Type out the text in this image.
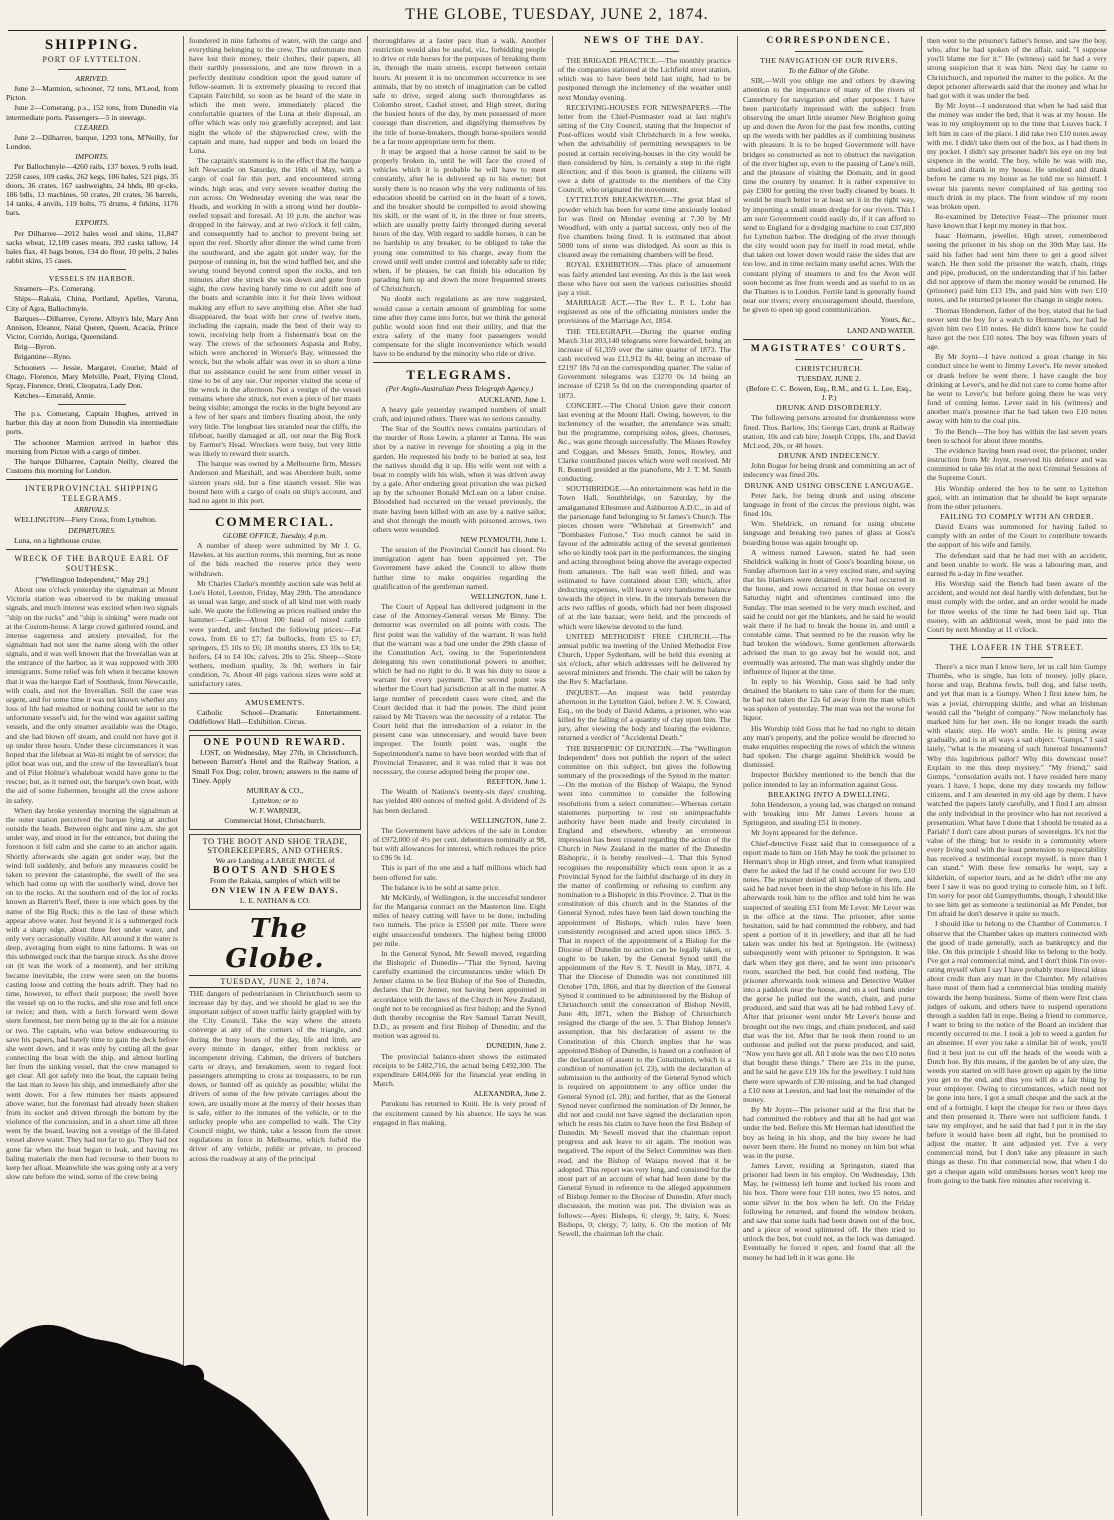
THE GLOBE, TUESDAY, JUNE 2, 1874.

SHIPPING.

PORT OF LYTTELTON.

ARRIVED.

June 2—Marmion, schooner, 72 tons, M'Leod, from Picton.

June 2—Comerang, p.s., 152 tons, from Dunedin via intermediate ports. Passengers—5 in steerage.

CLEARED.

June 2—Dilharree, barque, 1293 tons, M'Neilly, for London.

IMPORTS.

Per Ballochmyle—4260 rails, 137 boxes, 9 rolls lead, 2258 cases, 109 casks, 262 kegs, 106 bales, 521 pigs, 35 doors, 36 crates, 167 sashweights, 24 hhds, 80 qr-cks, 186 bdls, 13 machines, 50 crates, 20 crates, 56 barrels, 14 tanks, 4 anvils, 119 bolts, 75 drums, 4 firkins, 1176 bars.

EXPORTS.

Per Dilharree—2012 bales wool and skins, 11,847 sacks wheat, 12,109 cases meats, 392 casks tallow, 14 bales flax, 41 bags bones, 134 do flour, 10 pelts, 2 bales rabbit skins, 15 cases.

VESSELS IN HARBOR.

Steamers—P.s. Comerang.

Ships—Rakaia, China, Portland, Apelles, Varuna, City of Agra, Ballochmyle.

Barques—Dilharree, Cyrene, Albyn's Isle, Mary Ann Annison, Eleanor, Natal Queen, Queen, Acacia, Prince Victor, Corrido, Auriga, Queensland.

Brig—Byron.

Brigantine—Ryno.

Schooners — Jessie, Margaret, Courier, Maid of Otago, Florence, Mary Melville, Pearl, Flying Cloud, Spray, Florence, Oreti, Cleopatra, Lady Don.

Ketches—Emerald, Annie.

The p.s. Comerang, Captain Hughes, arrived in harbor this day at noon from Dunedin via intermediate ports.

The schooner Marmion arrived in harbor this morning from Picton with a cargo of timber.

The barque Dilharree, Captain Neilly, cleared the Customs this morning for London.

INTERPROVINCIAL SHIPPING TELEGRAMS.

ARRIVALS.

WELLINGTON—Fiery Cross, from Lyttelton.

DEPARTURES.

Luna, on a lighthouse cruise.

WRECK OF THE BARQUE EARL OF SOUTHESK.

["Wellington Independent," May 29.]

About one o'clock yesterday the signalman at Mount Victoria station was observed to be making unusual signals, and much interest was excited when two signals "ship on the rocks" and "ship is sinking" were made out at the Custom-house. A large crowd gathered round, and intense eagerness and anxiety prevailed, for the signalman had not sent the name along with the other signals, and it was well known that the Inverallan was at the entrance of the harbor, as it was supposed with 300 immigrants. Some relief was felt when it became known that it was the barque Earl of Southesk, from Newcastle, with coals, and not the Inverallan. Still the case was urgent, and for some time it was not known whether any loss of life had resulted or nothing could be sent to the unfortunate vessel's aid, for the wind was against sailing vessels, and the only steamer available was the Otago, and she had blown off steam, and could not have got it up under three hours. Under these circumstances it was hoped that the lifeboat at Wai-iti might be of service; the pilot boat was out, and the crew of the Inverallan's boat and of Pilot Holme's whaleboat would have gone to the rescue; but, as it turned out, the barque's own boat, with the aid of some fishermen, brought all the crew ashore in safety.

When day broke yesterday morning the signalman at the outer station perceived the barque lying at anchor outside the heads. Between eight and nine a.m. she got under way, and stood in for the entrance, but during the forenoon it fell calm and she came to an anchor again. Shortly afterwards she again got under way, but the wind fell suddenly, and before any measures could be taken to prevent the catastrophe, the swell of the sea which had come up with the southerly wind, drove her on to the rocks. At the southern end of the lot of rocks known as Barrett's Reef, there is one which goes by the name of the Big Rock; this is the last of these which appear above water. Just beyond it is a submerged rock with a sharp edge, about three feet under water, and only very occasionally visible. All around it the water is deep, averaging from eight to nine fathoms. It was on this submerged rock that the barque struck. As she drove on (it was the work of a moment), and her striking became inevitable, the crew were seen on the booms casting loose and cutting the boats adrift. They had no time, however, to effect their purpose; the swell hove the vessel up on to the rocks, and she rose and fell once or twice; and then, with a lurch forward went down stern foremost, her stern being up in the air for a minute or two. The captain, who was below endeavouring to save his papers, had barely time to gain the deck before she went down, and it was only by cutting all the gear connecting the boat with the ship, and almost hurling her from the sinking vessel, that the crew managed to get clear. All got safely into the boat, the captain being the last man to leave his ship, and immediately after she went down. For a few minutes her masts appeared above water, but the foremast had already been shaken from its socket and driven through the bottom by the violence of the concussion, and in a short time all three went by the board, leaving not a vestige of the ill-fated vessel above water. They had not far to go. They had not gone far when the boat began to leak, and having no baling materials the men had recourse to their boots to keep her afloat. Meanwhile she was going only at a very slow rate before the wind, some of the crew being

foundered in nine fathoms of water, with the cargo and everything belonging to the crew. The unfortunate men have lost their money, their clothes, their papers, all their earthly possessions, and are now thrown in a perfectly destitute condition upon the good nature of fellow-seamen. It is extremely pleasing to record that Captain Fairchild, so soon as he heard of the state in which the men were, immediately placed the comfortable quarters of the Luna at their disposal, an offer which was only too gratefully accepted; and last night the whole of the shipwrecked crew, with the captain and mate, had supper and beds on board the Luna.

The captain's statement is to the effect that the barque left Newcastle on Saturday, the 16th of May, with a cargo of coal for this port, and encountered strong winds, high seas, and very severe weather during the run across. On Wednesday evening she was near the Heads, and working in with a strong wind her double-reefed topsail and foresail. At 10 p.m. the anchor was dropped in the fairway, and at two o'clock it fell calm, and consequently had to anchor to prevent being set upon the reef. Shortly after dinner the wind came from the southward, and she again got under way, for the purpose of running in, but the wind baffled her, and she swung round beyond control upon the rocks, and ten minutes after she struck she was down and gone from sight, the crew having barely time to cut adrift one of the boats and scramble into it for their lives without making any effort to save anything else. After she had disappeared, the boat with her crew of twelve men, including the captain, made the best of their way to town, receiving help from a fisherman's boat on the way. The crews of the schooners Aspasia and Ruby, which were anchored in Worser's Bay, witnessed the wreck, but the whole affair was over in so short a time that no assistance could be sent from either vessel in time to be of any use. Our reporter visited the scene of the wreck in the afternoon. Not a vestige of the vessel remains where she struck, not even a piece of her masts being visible; amongst the rocks in the bight beyond are a few of her spars and timbers floating about, the only very little. The longboat lies stranded near the cliffs, the lifeboat, hardly damaged at all, out near the Big Rock by Farmer's Head. Wreckers were busy, but very little was likely to reward their search.

The barque was owned by a Melbourne firm, Messrs Anderson and Marshall, and was Aberdeen built, some sixteen years old, but a fine staunch vessel. She was bound here with a cargo of coals on ship's account, and had no agent in this port.

COMMERCIAL.

GLOBE OFFICE, Tuesday, 4 p.m.

A number of sheep were submitted by Mr J. G. Hawkes, at his auction rooms, this morning, but as none of the bids reached the reserve price they were withdrawn.

Mr Charles Clarke's monthly auction sale was held at Loe's Hotel, Leeston, Friday, May 29th. The attendance as usual was large, and stock of all kind met with ready sale. We quote the following as prices realised under the hammer:—Cattle—About 100 head of mixed cattle were yarded, and fetched the following prices:—Fat cows, from £6 to £7; fat bullocks, from £5 to £7; springers, £5 10s to £6; 18 months steers, £3 10s to £4; heifers, £4 to £4 10s; calves, 20s to 25s. Sheep—Store wethers, medium quality, 3s 9d; wethers in fair condition, 7s. About 40 pigs various sizes were sold at satisfactory rates.

AMUSEMENTS.

Catholic School—Dramatic Entertainment. Oddfellows' Hall—Exhibition. Circus.

ONE POUND REWARD.

LOST, on Wednesday, May 27th, in Christchurch, between Barrett's Hotel and the Railway Station, a Small Fox Dog; color, brown; answers to the name of Tiney. Apply

MURRAY & CO.,

Lyttelton; or to

W. F. WARNER,

Commercial Hotel, Christchurch.

TO THE BOOT AND SHOE TRADE, STOREKEEPERS, AND OTHERS.

We are Landing a LARGE PARCEL of

BOOTS AND SHOES

From the Rakaia, samples of which will be

ON VIEW IN A FEW DAYS.

L. E. NATHAN & CO.

The Globe.

TUESDAY, JUNE 2, 1874.

THE dangers of pedestrianism in Christchurch seem to increase day by day, and we should be glad to see the important subject of street traffic fairly grappled with by the City Council. Take the way where the streets converge at any of the corners of the triangle, and during the busy hours of the day, life and limb, are every minute in danger, either from reckless or incompetent driving. Cabmen, the drivers of butchers carts or drays, and breaksmen, seem to regard foot passengers attempting to cross as trespassers, to be run down, or hunted off as quickly as possible; whilst the drivers of some of the few private carriages about the town, are usually more at the mercy of their horses than is safe, either to the inmates of the vehicle, or to the unlucky people who are compelled to walk. The City Council might, we think, take a lesson from the street regulations in force in Melbourne, which forbid the driver of any vehicle, public or private, to proceed across the roadway at any of the principal

thoroughfares at a faster pace than a walk. Another restriction would also be useful, viz., forbidding people to drive or ride horses for the purposes of breaking them in, through the main streets, except between certain hours. At present it is no uncommon occurrence to see animals, that by no stretch of imagination can be called safe to drive, urged along such thoroughfares as Colombo street, Cashel street, and High street, during the busiest hours of the day, by men possessed of more courage than discretion, and dignifying themselves by the title of horse-breakers, though horse-spoilers would be a far more appropriate term for them.

It may be argued that a horse cannot be said to be properly broken in, until he will face the crowd of vehicles which it is probable he will have to meet constantly, after he is delivered up to his owner; but surely there is no reason why the very rudiments of his education should be carried on in the heart of a town, and the breaker should be compelled to avoid showing his skill, or the want of it, in the three or four streets, which are usually pretty fairly thronged during several hours of the day. With regard to saddle horses, it can be no hardship to any breaker, to be obliged to take the young one committed to his charge, away from the crowd until well under control and tolerably safe to ride; when, if he pleases, he can finish his education by parading him up and down the more frequented streets of Christchurch.

No doubt such regulations as are now suggested, would cause a certain amount of grumbling for some time after they came into force, but we think the general public would soon find out their utility, and that the extra safety of the many foot passengers would compensate for the slight inconvenience which would have to be endured by the minority who ride or drive.

TELEGRAMS.

(Per Anglo-Australian Press Telegraph Agency.)

AUCKLAND, June 1.

A heavy gale yesterday swamped numbers of small craft, and injured others. There was no serious casualty.

The Star of the South's news contains particulars of the murder of Ross Lewin, a planter at Tanna. He was shot by a native in revenge for shooting a pig in the garden. He requested his body to be buried at sea, lest the natives should dig it up. His wife went out with a boat to comply with his wish, when it was driven away by a gale. After enduring great privation she was picked up by the schooner Ronald McLean on a labor cruise. Bloodshed had occurred on the vessel previously, the mate having been killed with an axe by a native sailor, and shot through the mouth with poisoned arrows, two others were wounded.

NEW PLYMOUTH, June 1.

The session of the Provincial Council has closed. No immigration agent has been appointed yet. The Government have asked the Council to allow them further time to make enquiries regarding the qualification of the gentleman named.

WELLINGTON, June 1.

The Court of Appeal has delivered judgment in the case of the Attorney-General versus Mr Binny. The demurrer was overruled on all points with costs. The first point was the validity of the warrant. It was held that the warrant was a bad one under the 29th clause of the Constitution Act, owing to the Superintendent delegating his own constitutional powers to another, which he had no right to do. It was his duty to issue a warrant for every payment. The second point was whether the Court had jurisdiction at all in the matter. A large number of precedent cases were cited, and the Court decided that it had the power. The third point raised by Mr Travers was the necessity of a relator. The Court held that the introduction of a relator in the present case was unnecessary, and would have been improper. The fourth point was, ought the Superintendent's name to have been worded with that of Provincial Treasurer, and it was ruled that it was not necessary, the course adopted being the proper one.

REEFTON, June 1.

The Wealth of Nations's twenty-six days' crushing, has yielded 400 ounces of melted gold. A dividend of 2s has been declared.

WELLINGTON, June 2.

The Government have advices of the sale in London of £972,000 of 4½ per cent. debentures nominally at 98, but with allowances for interest, which reduces the price to £96 9s 1d.

This is part of the one and a half millions which had been offered for sale.

The balance is to be sold at same price.

Mr McKirdy, of Wellington, is the successful tenderer for the Mangarua contract on the Masterton line. Eight miles of heavy cutting will have to be done, including two tunnels. The price is £5500 per mile. There were eight unsuccessful tenderers. The highest being £8000 per mile.

In the General Synod, Mr Sewell moved, regarding the Bishopric of Dunedin—"That the Synod, having carefully examined the circumstances under which Dr Jenner claims to be first Bishop of the See of Dunedin, declares that Dr Jenner, not having been appointed in accordance with the laws of the Church in New Zealand, ought not to be recognised as first bishop; and the Synod doth thereby recognise the Rev Samuel Tarratt Nevill, D.D., as present and first Bishop of Dunedin; and the motion was agreed to.

DUNEDIN, June 2.

The provincial balance-sheet shows the estimated receipts to be £482,716, the actual being £492,300. The expenditure £404,066 for the financial year ending in March.

ALEXANDRA, June 2.

Purukutu has returned to Kuiti. He is very proud of the excitement caused by his absence. He says he was engaged in flax making.

NEWS OF THE DAY.

THE BRIGADE PRACTICE.—The monthly practice of the companies stationed at the Lichfield street station, which was to have been held last night, had to be postponed through the inclemency of the weather until next Monday evening.

RECEIVING-HOUSES FOR NEWSPAPERS.—The letter from the Chief-Postmaster read at last night's sitting of the City Council, stating that the Inspector of Post-offices would visit Christchurch in a few weeks, when the advisability of permitting newspapers to be posted at certain receiving-houses in the city would be then considered by him, is certainly a step in the right direction; and if this boon is granted, the citizens will owe a debt of gratitude to the members of the City Council, who originated the movement.

LYTTELTON BREAKWATER.—The great blast of powder which has been for some time anxiously looked for was fired on Monday evening at 7.30 by Mr Woodford, with only a partial success, only two of the five chambers being fired. It is estimated that about 5000 tons of stone was dislodged. As soon as this is cleared away the remaining chambers will be fired.

ROYAL EXHIBITION.—This place of amusement was fairly attended last evening. As this is the last week those who have not seen the various curiosities should pay a visit.

MARRIAGE ACT.—The Rev L. P. L. Lohr has registered as one of the officiating ministers under the provisions of the Marriage Act, 1854.

THE TELEGRAPH.—During the quarter ending March 31st 203,140 telegrams were forwarded, being an increase of 61,359 over the same quarter of 1873. The cash received was £11,912 8s 4d, being an increase of £2197 18s 7d on the corresponding quarter. The value of Government telegrams was £3270 0s 1d being an increase of £218 5s 0d on the corresponding quarter of 1873.

CONCERT.—The Choral Union gave their concert last evening at the Mount Hall. Owing, however, to the inclemency of the weather, the attendance was small; but the programme, comprising solos, glees, choruses, &c., was gone through successfully. The Misses Rowley and Coggan, and Messrs Smith, Jones, Rowley, and Clarke contributed pieces which were well received. Mr R. Bonnell presided at the pianoforte, Mr J. T. M. Smith conducting.

SOUTHBRIDGE.—An entertainment was held in the Town Hall, Southbridge, on Saturday, by the amalgamated Ellesmere and Ashburton A.D.C., in aid of the parsonage fund belonging to St James's Church. The pieces chosen were "Whitebait at Greenwich" and "Bombastes Furioso." Too much cannot be said in favour of the admirable acting of the several gentlemen who so kindly took part in the performances, the singing and acting throughout being above the average expected from amateurs. The hall was well filled, and was estimated to have contained about £30; which, after deducting expenses, will leave a very handsome balance towards the object in view. In the intervals between the acts two raffles of goods, which had not been disposed of at the late bazaar, were held, and the proceeds of which were likewise devoted to the fund.

UNITED METHODIST FREE CHURCH.—The annual public tea meeting of the United Methodist Free Church, Upper Sydenham, will be held this evening at six o'clock, after which addresses will be delivered by several ministers and friends. The chair will be taken by the Rev S. Macfarlane.

INQUEST.—An inquest was held yesterday afternoon in the Lyttelton Gaol, before J. W. S. Coward, Esq., on the body of David Adams, a prisoner, who was killed by the falling of a quantity of clay upon him. The jury, after viewing the body and hearing the evidence, returned a verdict of "Accidental Death."

THE BISHOPRIC OF DUNEDIN.—The "Wellington Independent" does not publish the report of the select committee on this subject, but gives the following summary of the proceedings of the Synod in the matter:—On the motion of the Bishop of Waiapu, the Synod went into committee to consider the following resolutions from a select committee:—Whereas certain statements purporting to rest on unimpeachable authority have been made and freely circulated in England and elsewhere, whereby an erroneous impression has been created regarding the action of the Church in New Zealand in the matter of the Dunedin Bishopric, it is hereby resolved—1. That this Synod recognises the responsibility which rests upon it as a Provincial Synod for the faithful discharge of its duty in the matter of confirming or refusing to confirm any nomination to a Bishopric in this Province. 2. That in the constitution of this church and in the Statutes of the General Synod, rules have been laid down touching the appointment of Bishops, which rules have been consistently recognised and acted upon since 1865. 3. That in respect of the appointment of a Bishop for the Diocese of Dunedin no action can be legally taken, or ought to be taken, by the General Synod until the appointment of the Rev S. T. Nevill in May, 1871. 4. That the Diocese of Dunedin was not constituted till October 17th, 1866, and that by direction of the General Synod it continued to be administered by the Bishop of Christchurch until the consecration of Bishop Nevill, June 4th, 1871, when the Bishop of Christchurch resigned the charge of the see. 5. That Bishop Jenner's assumption, that his declaration of assent to the Constitution of this Church implies that he was appointed Bishop of Dunedin, is based on a confusion of the declaration of assent to the Constitution, which is a condition of nomination (cl. 23), with the declaration of submission to the authority of the General Synod which is required on appointment to any office under the General Synod (cl. 28); and further, that as the General Synod never confirmed the nomination of Dr Jenner, he did not and could not have signed the declaration upon which he rests his claim to have been the first Bishop of Dunedin. Mr Sewell moved that the chairman report progress and ask leave to sit again. The motion was negatived. The report of the Select Committee was then read, and the Bishop of Waiapu moved that it be adopted. This report was very long, and consisted for the most part of an account of what had been done by the General Synod in reference to the alleged appointment of Bishop Jenner to the Diocese of Dunedin. After much discussion, the motion was put. The division was as follows:—Ayes: Bishops, 6; clergy, 9; laity, 6. Noes: Bishops, 0; clergy, 7; laity, 6. On the motion of Mr Sewell, the chairman left the chair.

CORRESPONDENCE.

THE NAVIGATION OF OUR RIVERS.

To the Editor of the Globe.

SIR,—Will you oblige me and others by drawing attention to the importance of many of the rivers of Canterbury for navigation and other purposes. I have been particularly impressed with the subject from observing the smart little steamer New Brighton going up and down the Avon for the past few months, cutting up the weeds with her paddles as if combining business with pleasure. It is to be hoped Government will have bridges so constructed as not to obstruct the navigation of the river higher up, even to the passing of Lane's mill, and the pleasure of visiting the Domain, and in good time the country by steamer. It is rather expensive to pay £300 for getting the river badly cleaned by boats. It would be much better to at least set it in the right way, by importing a small steam dredge for our rivers. This I am sure Government could easily do, if it can afford to send to England for a dredging machine to cost £37,000 for Lyttelton harbor. The dredging of the river through the city would soon pay for itself in road metal, while that taken out lower down would raise the sides that are too low, and in time reclaim many useful acres. With the constant plying of steamers to and fro the Avon will soon become as free from weeds and as useful to us as the Thames is to London. Fertile land is generally found near our rivers; every encouragement should, therefore, be given to open up good communication.

Yours, &c.,

LAND AND WATER.

MAGISTRATES' COURTS.

CHRISTCHURCH.

TUESDAY, JUNE 2.

(Before C. C. Bowen, Esq., R.M., and G. L. Lee, Esq., J. P.)

DRUNK AND DISORDERLY.

The following persons arrested for drunkenness were fined. Thos. Barlow, 10s; George Carr, drunk at Railway station, 10s and cab hire; Joseph Cripps, 10s, and David McLeod, 20s, or 48 hours.

DRUNK AND INDECENCY.

John Bogue for being drunk and committing an act of indecency was fined 20s.

DRUNK AND USING OBSCENE LANGUAGE.

Peter Jack, for being drunk and using obscene language in front of the circus the previous night, was fined 10s.

Wm. Sheldrick, on remand for using obscene language and breaking two panes of glass at Goss's boarding house was again brought up.

A witness named Lawson, stated he had seen Sheldrick walking in front of Goss's boarding house, on Sunday afternoon last in a very excited state, and saying that his blankets were detained. A row had occurred in the house, and rows occurred in that house on every Saturday night and oftentimes continued into the Sunday. The man seemed to be very much excited, and said he could not get the blankets, and he said he would wait there if he had to break the house in, and until a constable came. That seemed to be the reason why he had broken the windows. Some gentlemen afterwards advised the man to go away but he would not, and eventually was arrested. The man was slightly under the influence of liquor at the time.

In reply to his Worship, Goss said he had only detained the blankets to take care of them for the man; he had not taken the 12s 6d away from the man which was spoken of yesterday. The man was not the worse for liquor.

His Worship told Goss that he had no right to detain any man's property, and the police would be directed to make enquiries respecting the rows of which the witness had spoken. The charge against Sheldrick would be dismissed.

Inspector Buckley mentioned to the bench that the police intended to lay an information against Goss.

BREAKING INTO A DWELLING.

John Henderson, a young lad, was charged on remand with breaking into Mr James Levers house at Springston, and stealing £51 in money.

Mr Joynt appeared for the defence.

Chief-detective Feast said that in consequence of a report made to him on 16th May he took the prisoner to Herman's shop in High street, and from what transpired there he asked the lad if he could account for two £10 notes. The prisoner denied all knowledge of them, and said he had never been in the shop before in his life. He afterwards took him to the office and told him he was suspected of stealing £51 from Mr Lever. Mr Lever was in the office at the time. The prisoner, after some hesitation, said he had committed the robbery, and had spent a portion of it in jewellery, and that all he had taken was under his bed at Springston. He (witness) subsequently went with prisoner to Springston. It was dark when they got there, and he went into prisoner's room, searched the bed, but could find nothing. The prisoner afterwards took witness and Detective Walker into a paddock near the house, and on a sod bank under the gorse he pulled out the watch, chain, and purse produced, and said that was all he had robbed Levy of. After that prisoner went under Mr Lever's house and brought out the two rings, and chain produced, and said that was the lot. After that he took them round to an outhouse and pulled out the purse produced, and said, "Now you have got all. All I stole was the two £10 notes that bought these things." There are 21s in the purse, and he said he gave £19 10s for the jewellery. I told him there were upwards of £30 missing, and he had changed a £10 note at Leeston, and had lost the remainder of the money.

By Mr Joynt—The prisoner said at the first that he had committed the robbery and that all he had got was under the bed. Before this Mr Herman had identified the boy as being in his shop, and the boy swore he had never been there. He found no money on him but what was in the purse.

James Lever, residing at Springston, stated that prisoner had been in his employ. On Wednesday, 13th May, he (witness) left home and locked his room and his box. There were four £10 notes, two £5 notes, and some silver in the box when he left. On the Friday following he returned, and found the window broken, and saw that some nails had been drawn out of the box, and a piece of wood splintered off. He then tried to unlock the box, but could not, as the lock was damaged. Eventually he forced it open, and found that all the money he had left in it was gone. He

then went to the prisoner's father's house, and saw the boy, who, after he had spoken of the affair, said, "I suppose you'll blame me for it." He (witness) said he had a very strong suspicion that it was him. Next day he came to Christchurch, and reported the matter to the police. At the depot prisoner afterwards said that the money and what he had got with it was under the bed.

By Mr Joynt—I understood that when he had said that the money was under the bed, that it was at my house. He was in my employment up to the time that Leaves back. I left him in care of the place. I did take two £10 notes away with me. I didn't take them out of the box, as I had them in my pocket. I didn't say prisoner hadn't his eye on my but sixpence in the world. The boy, while he was with me, smoked and drank in my house. He smoked and drank before he came to my house as he told me so himself. I swear his parents never complained of his getting too much drink in my place. The front window of my room was broken open.

Re-examined by Detective Feast—The prisoner must have known that I kept my money in that box.

Isaac Hermann, jeweller, High street, remembered seeing the prisoner in his shop on the 30th May last. He said his father had sent him there to get a good silver watch. He then sold the prisoner the watch, chain, rings and pipe, produced, on the understanding that if his father did not approve of them the money would be returned. He (prisoner) paid him £13 19s, and paid him with two £10 notes, and he returned prisoner the change in single notes.

Thomas Henderson, father of the boy, stated that he had never sent the boy for a watch to Hermann's, nor had he given him two £10 notes. He didn't know how he could have got the two £10 notes. The boy was fifteen years of age.

By Mr Joynt—I have noticed a great change in his conduct since he went to Jimmy Lever's. He never smoked or drank before he went there. I have caught the boy drinking at Lever's, and he did not care to come home after he went to Lever's; but before going there he was very fond of coming home. Lever said in his (witness) and another man's presence that he had taken two £10 notes away with him to the coal pits.

To the Bench—The boy has within the last seven years been to school for about three months.

The evidence having been read over, the prisoner, under instruction from Mr Joynt, reserved his defence and was committed to take his trial at the next Criminal Sessions of the Supreme Court.

His Worship ordered the boy to be sent to Lyttelton gaol, with an intimation that he should be kept separate from the other prisoners.

FAILING TO COMPLY WITH AN ORDER.

David Evans was summoned for having failed to comply with an order of the Court to contribute towards the support of his wife and family.

The defendant said that he had met with an accident, and been unable to work. He was a labouring man, and earned 8s a-day in fine weather.

His Worship said the Bench had been aware of the accident, and would not deal hardly with defendant, but he must comply with the order, and an order would be made for three weeks of the time he had been laid up. That money, with an additional week, must be paid into the Court by next Monday at 11 o'clock.

THE LOAFER IN THE STREET.

There's a nice man I know here, let us call him Gumpy Thumbs, who is single, has lots of money, jolly place, horse and trap, Brahma fowls, bull dog, and false teeth, and yet that man is a Gumpy. When I first knew him, he was a jovial, chirrupping skittle, and what an Irishman would call the "height of company." Now melancholy has marked him for her own. He no longer treads the earth with elastic step. He won't smile. He is pining away gradually, and is in all ways a sad object. "Gumps," I said lately, "what is the meaning of such funereal lineaments? Why this lugubrious pallor? Why this downcast nose? Explain to me this deep mystery." "My friend," said Gumps, "consolation avails not. I have resided here many years. I have, I hope, done my duty towards my fellow citizens, and I am deserted in my old age by them. I have watched the papers lately carefully, and I find I am almost the only individual in the province who has not received a presentation. What have I done that I should be treated as a Pariah? I don't care about purses of sovereigns. It's not the value of the thing; but to reside in a community where every living soul with the least pretension to respectability has received a testimonial except myself, is more than I can stand." With these few remarks he wept, say a kilderkin, of superior tears, and as he didn't offer me any beer I saw it was no good trying to console him, so I left. I'm sorry for poor old Gumpythumbs, though, I should like to see him get as someone a testimonial as Mr Pender, but I'm afraid he don't deserve it quite so much.

I should like to belong to the Chamber of Commerce. I observe that the Chamber takes up matters connected with the good of trade generally, such as bankruptcy and the like. On this principle I should like to belong to the body. I've got a real commercial mind, and I don't think I'm over-rating myself when I say I have probably more literal ideas about credit than any man in the Chamber. My relatives have most of them had a commercial bias tending mainly towards the hemp business. Some of them were first class judges of oakum, and others have to suspend operations through a sudden fall in rope. Being a friend to commerce, I want to bring to the notice of the Board an incident that recently occurred to me. I took a job to weed a garden for an absentee. If ever you take a similar bit of work, you'll find it best just to cut off the heads of the weeds with a Dutch hoe. By this means, if the garden be of any size, the weeds you started on will have grown up again by the time you get to the end, and thus you will do a fair thing by your employer. Owing to circumstances, which need not be gone into here, I got a small cheque and the sack at the end of a fortnight. I kept the cheque for two or three days and then presented it. There were not sufficient funds. I saw my employer, and he said that had I put it in the day before it would have been all right, but he promised to adjust the matter. It aint adjusted yet. I've a very commercial mind, but I don't take any pleasure in such things as these. I'm that commercial now, that when I do get a cheque again wild omnibuses horses won't keep me from going to the bank five minutes after receiving it.
